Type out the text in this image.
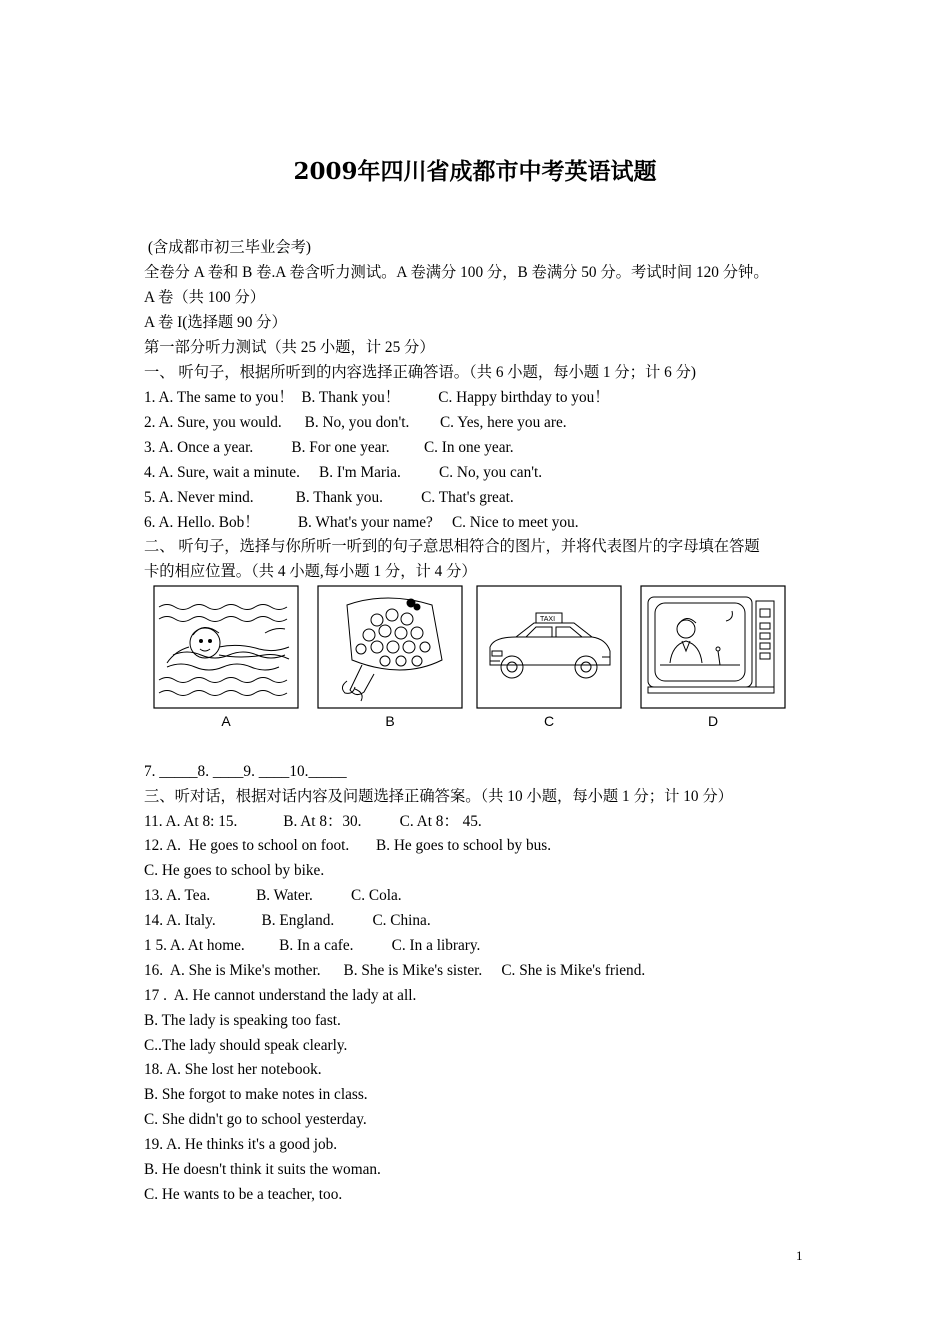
2009年四川省成都市中考英语试题
(含成都市初三毕业会考)
全卷分 A 卷和 B 卷.A 卷含听力测试。A 卷满分 100 分，B 卷满分 50 分。考试时间 120 分钟。
A 卷（共 100 分）
A 卷 I(选择题 90 分）
第一部分听力测试（共 25 小题，计 25 分）
一、 听句子，根据所听到的内容选择正确答语。（共 6 小题，每小题 1 分；计 6 分)
1. A. The same to you！  B. Thank you！          C. Happy birthday to you！
2. A. Sure, you would.      B. No, you don't.        C. Yes, here you are.
3. A. Once a year.          B. For one year.         C. In one year.
4. A. Sure, wait a minute.     B. I'm Maria.          C. No, you can't.
5. A. Never mind.           B. Thank you.          C. That's great.
6. A. Hello. Bob！          B. What's your name?     C. Nice to meet you.
二、 听句子，选择与你所听一听到的句子意思相符合的图片，并将代表图片的字母填在答题
卡的相应位置。（共 4 小题,每小题 1 分，计 4 分）
A	B
TAXI
C	D
7. _____8. ____9. ____10._____
三、听对话，根据对话内容及问题选择正确答案。（共 10 小题，每小题 1 分；计 10 分）
11. A. At 8: 15.            B. At 8：30.          C. At 8： 45.
12. A.  He goes to school on foot.       B. He goes to school by bus.
C. He goes to school by bike.
13. A. Tea.            B. Water.          C. Cola.
14. A. Italy.            B. England.          C. China.
1 5. A. At home.         B. In a cafe.          C. In a library.
16.  A. She is Mike's mother.      B. She is Mike's sister.     C. She is Mike's friend.
17 .  A. He cannot understand the lady at all.
B. The lady is speaking too fast.
C..The lady should speak clearly.
18. A. She lost her notebook.
B. She forgot to make notes in class.
C. She didn't go to school yesterday.
19. A. He thinks it's a good job.
B. He doesn't think it suits the woman.
C. He wants to be a teacher, too.
1
